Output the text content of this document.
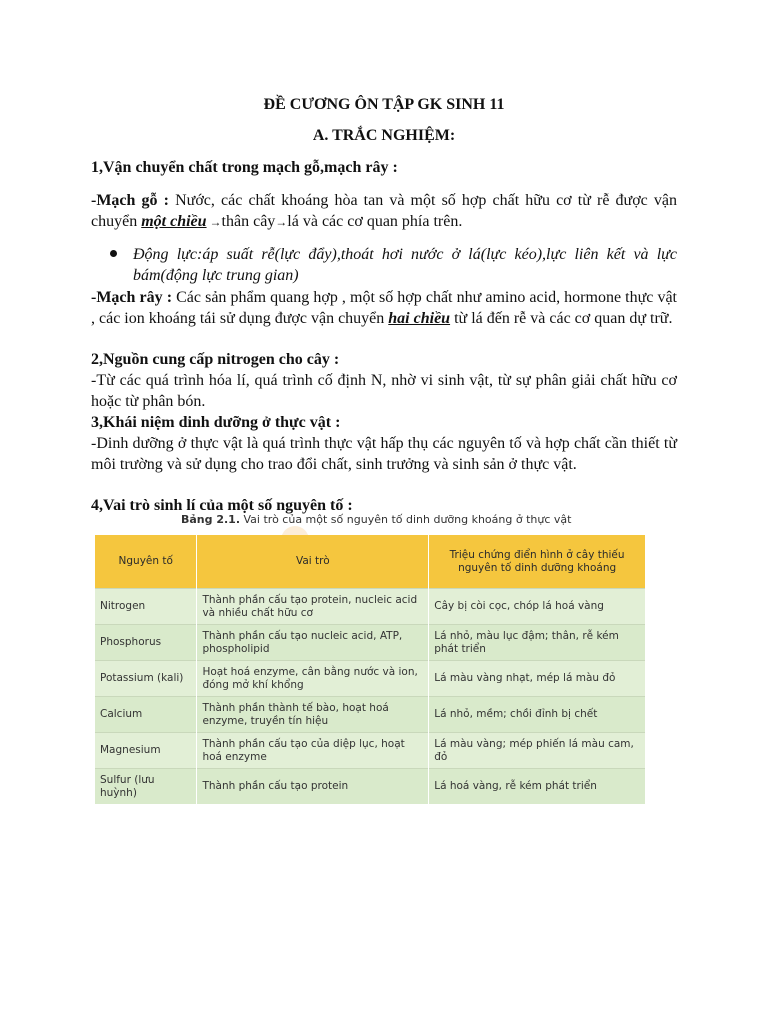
ĐỀ CƯƠNG ÔN TẬP GK SINH 11
A. TRẮC NGHIỆM:
1,Vận chuyển chất trong mạch gỗ,mạch rây :
-Mạch gỗ : Nước, các chất khoáng hòa tan và một số hợp chất hữu cơ từ rễ được vận chuyển một chiều →thân cây→lá và các cơ quan phía trên.
Động lực:áp suất rễ(lực đẩy),thoát hơi nước ở lá(lực kéo),lực liên kết và lực bám(động lực trung gian)
-Mạch rây : Các sản phẩm quang hợp , một số hợp chất như amino acid, hormone thực vật , các ion khoáng tái sử dụng được vận chuyển hai chiều từ lá đến rễ và các cơ quan dự trữ.
2,Nguồn cung cấp nitrogen cho cây :
-Từ các quá trình hóa lí, quá trình cố định N, nhờ vi sinh vật, từ sự phân giải chất hữu cơ hoặc từ phân bón.
3,Khái niệm dinh dưỡng ở thực vật :
-Dinh dưỡng ở thực vật là quá trình thực vật hấp thụ các nguyên tố và hợp chất cần thiết từ môi trường và sử dụng cho trao đổi chất, sinh trưởng và sinh sản ở thực vật.
4,Vai trò sinh lí của một số nguyên tố :
Bảng 2.1. Vai trò của một số nguyên tố dinh dưỡng khoáng ở thực vật
Nguyên tố	Vai trò	Triệu chứng điển hình ở cây thiếu nguyên tố dinh dưỡng khoáng
Nitrogen	Thành phần cấu tạo protein, nucleic acid và nhiều chất hữu cơ	Cây bị còi cọc, chóp lá hoá vàng
Phosphorus	Thành phần cấu tạo nucleic acid, ATP, phospholipid	Lá nhỏ, màu lục đậm; thân, rễ kém phát triển
Potassium (kali)	Hoạt hoá enzyme, cân bằng nước và ion, đóng mở khí khổng	Lá màu vàng nhạt, mép lá màu đỏ
Calcium	Thành phần thành tế bào, hoạt hoá enzyme, truyền tín hiệu	Lá nhỏ, mềm; chồi đỉnh bị chết
Magnesium	Thành phần cấu tạo của diệp lục, hoạt hoá enzyme	Lá màu vàng; mép phiến lá màu cam, đỏ
Sulfur (lưu huỳnh)	Thành phần cấu tạo protein	Lá hoá vàng, rễ kém phát triển
